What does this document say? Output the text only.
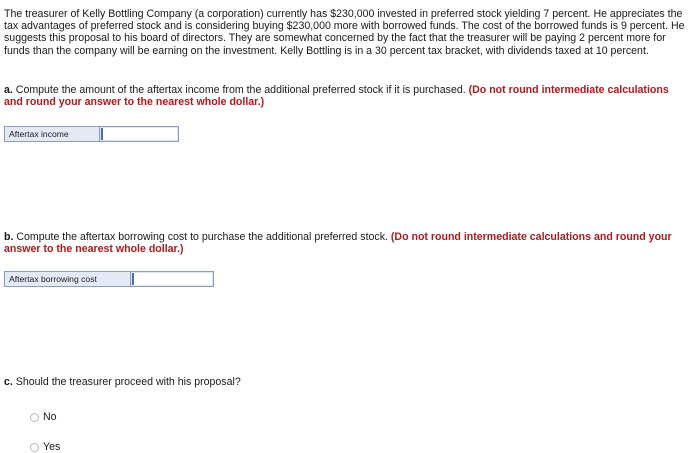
The treasurer of Kelly Bottling Company (a corporation) currently has $230,000 invested in preferred stock yielding 7 percent. He appreciates the tax advantages of preferred stock and is considering buying $230,000 more with borrowed funds. The cost of the borrowed funds is 9 percent. He suggests this proposal to his board of directors. They are somewhat concerned by the fact that the treasurer will be paying 2 percent more for funds than the company will be earning on the investment. Kelly Bottling is in a 30 percent tax bracket, with dividends taxed at 10 percent.

a. Compute the amount of the aftertax income from the additional preferred stock if it is purchased. (Do not round intermediate calculations and round your answer to the nearest whole dollar.)

Aftertax income

b. Compute the aftertax borrowing cost to purchase the additional preferred stock. (Do not round intermediate calculations and round your answer to the nearest whole dollar.)

Aftertax borrowing cost

c. Should the treasurer proceed with his proposal?

No
Yes
